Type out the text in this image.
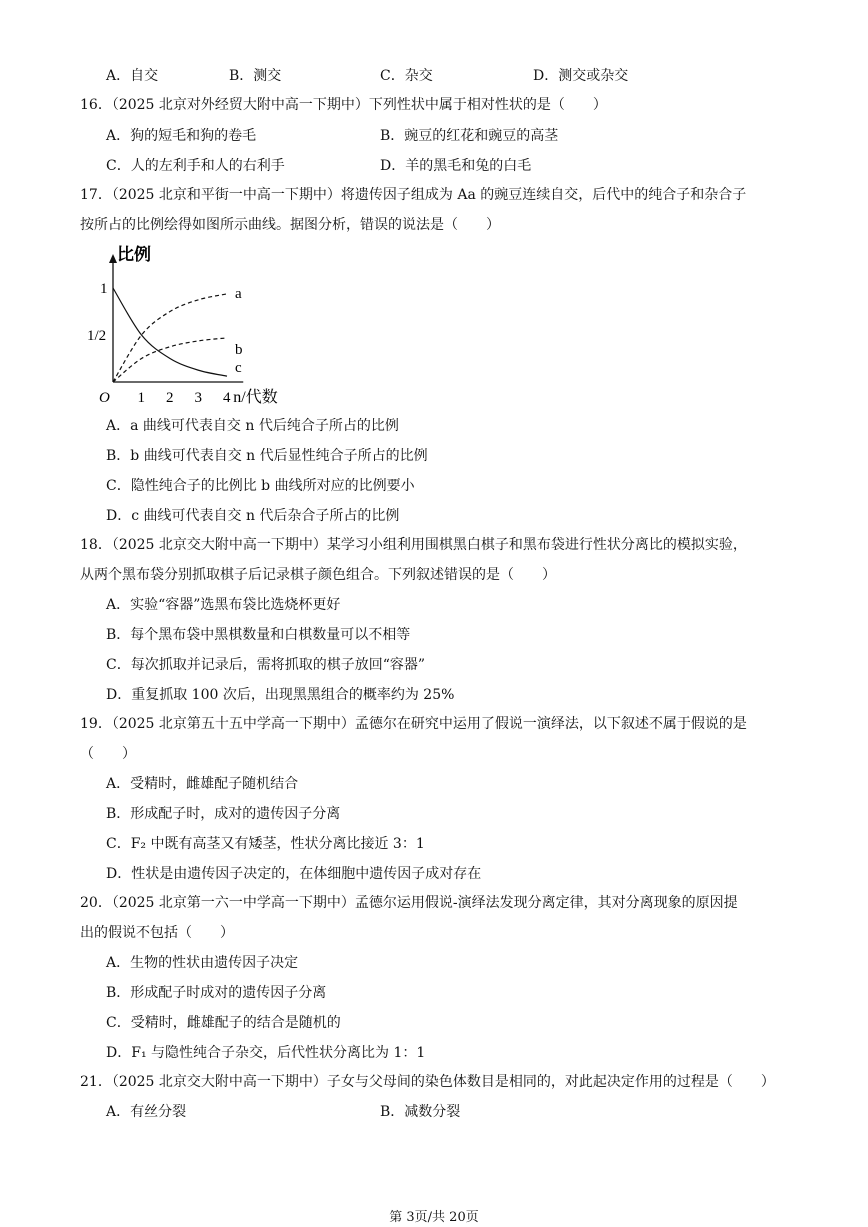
A．自交	B．测交	C．杂交	D．测交或杂交
16．（2025 北京对外经贸大附中高一下期中）下列性状中属于相对性状的是（　　）
A．狗的短毛和狗的卷毛	B．豌豆的红花和豌豆的高茎
C．人的左利手和人的右利手	D．羊的黑毛和兔的白毛
17．（2025 北京和平街一中高一下期中）将遗传因子组成为 Aa 的豌豆连续自交，后代中的纯合子和杂合子
按所占的比例绘得如图所示曲线。据图分析，错误的说法是（　　）
1
1/2
1 2 3 4
O
比例
n/代数
a
b
c
A．a 曲线可代表自交 n 代后纯合子所占的比例
B．b 曲线可代表自交 n 代后显性纯合子所占的比例
C．隐性纯合子的比例比 b 曲线所对应的比例要小
D．c 曲线可代表自交 n 代后杂合子所占的比例
18．（2025 北京交大附中高一下期中）某学习小组利用围棋黑白棋子和黑布袋进行性状分离比的模拟实验，
从两个黑布袋分别抓取棋子后记录棋子颜色组合。下列叙述错误的是（　　）
A．实验“容器”选黑布袋比选烧杯更好
B．每个黑布袋中黑棋数量和白棋数量可以不相等
C．每次抓取并记录后，需将抓取的棋子放回“容器”
D．重复抓取 100 次后，出现黑黑组合的概率约为 25%
19．（2025 北京第五十五中学高一下期中）孟德尔在研究中运用了假说一演绎法，以下叙述不属于假说的是
（　　）
A．受精时，雌雄配子随机结合
B．形成配子时，成对的遗传因子分离
C．F₂ 中既有高茎又有矮茎，性状分离比接近 3：1
D．性状是由遗传因子决定的，在体细胞中遗传因子成对存在
20．（2025 北京第一六一中学高一下期中）孟德尔运用假说-演绎法发现分离定律，其对分离现象的原因提
出的假说不包括（　　）
A．生物的性状由遗传因子决定
B．形成配子时成对的遗传因子分离
C．受精时，雌雄配子的结合是随机的
D．F₁ 与隐性纯合子杂交，后代性状分离比为 1：1
21．（2025 北京交大附中高一下期中）子女与父母间的染色体数目是相同的，对此起决定作用的过程是（　　）
A．有丝分裂	B．减数分裂
第 3页/共 20页
